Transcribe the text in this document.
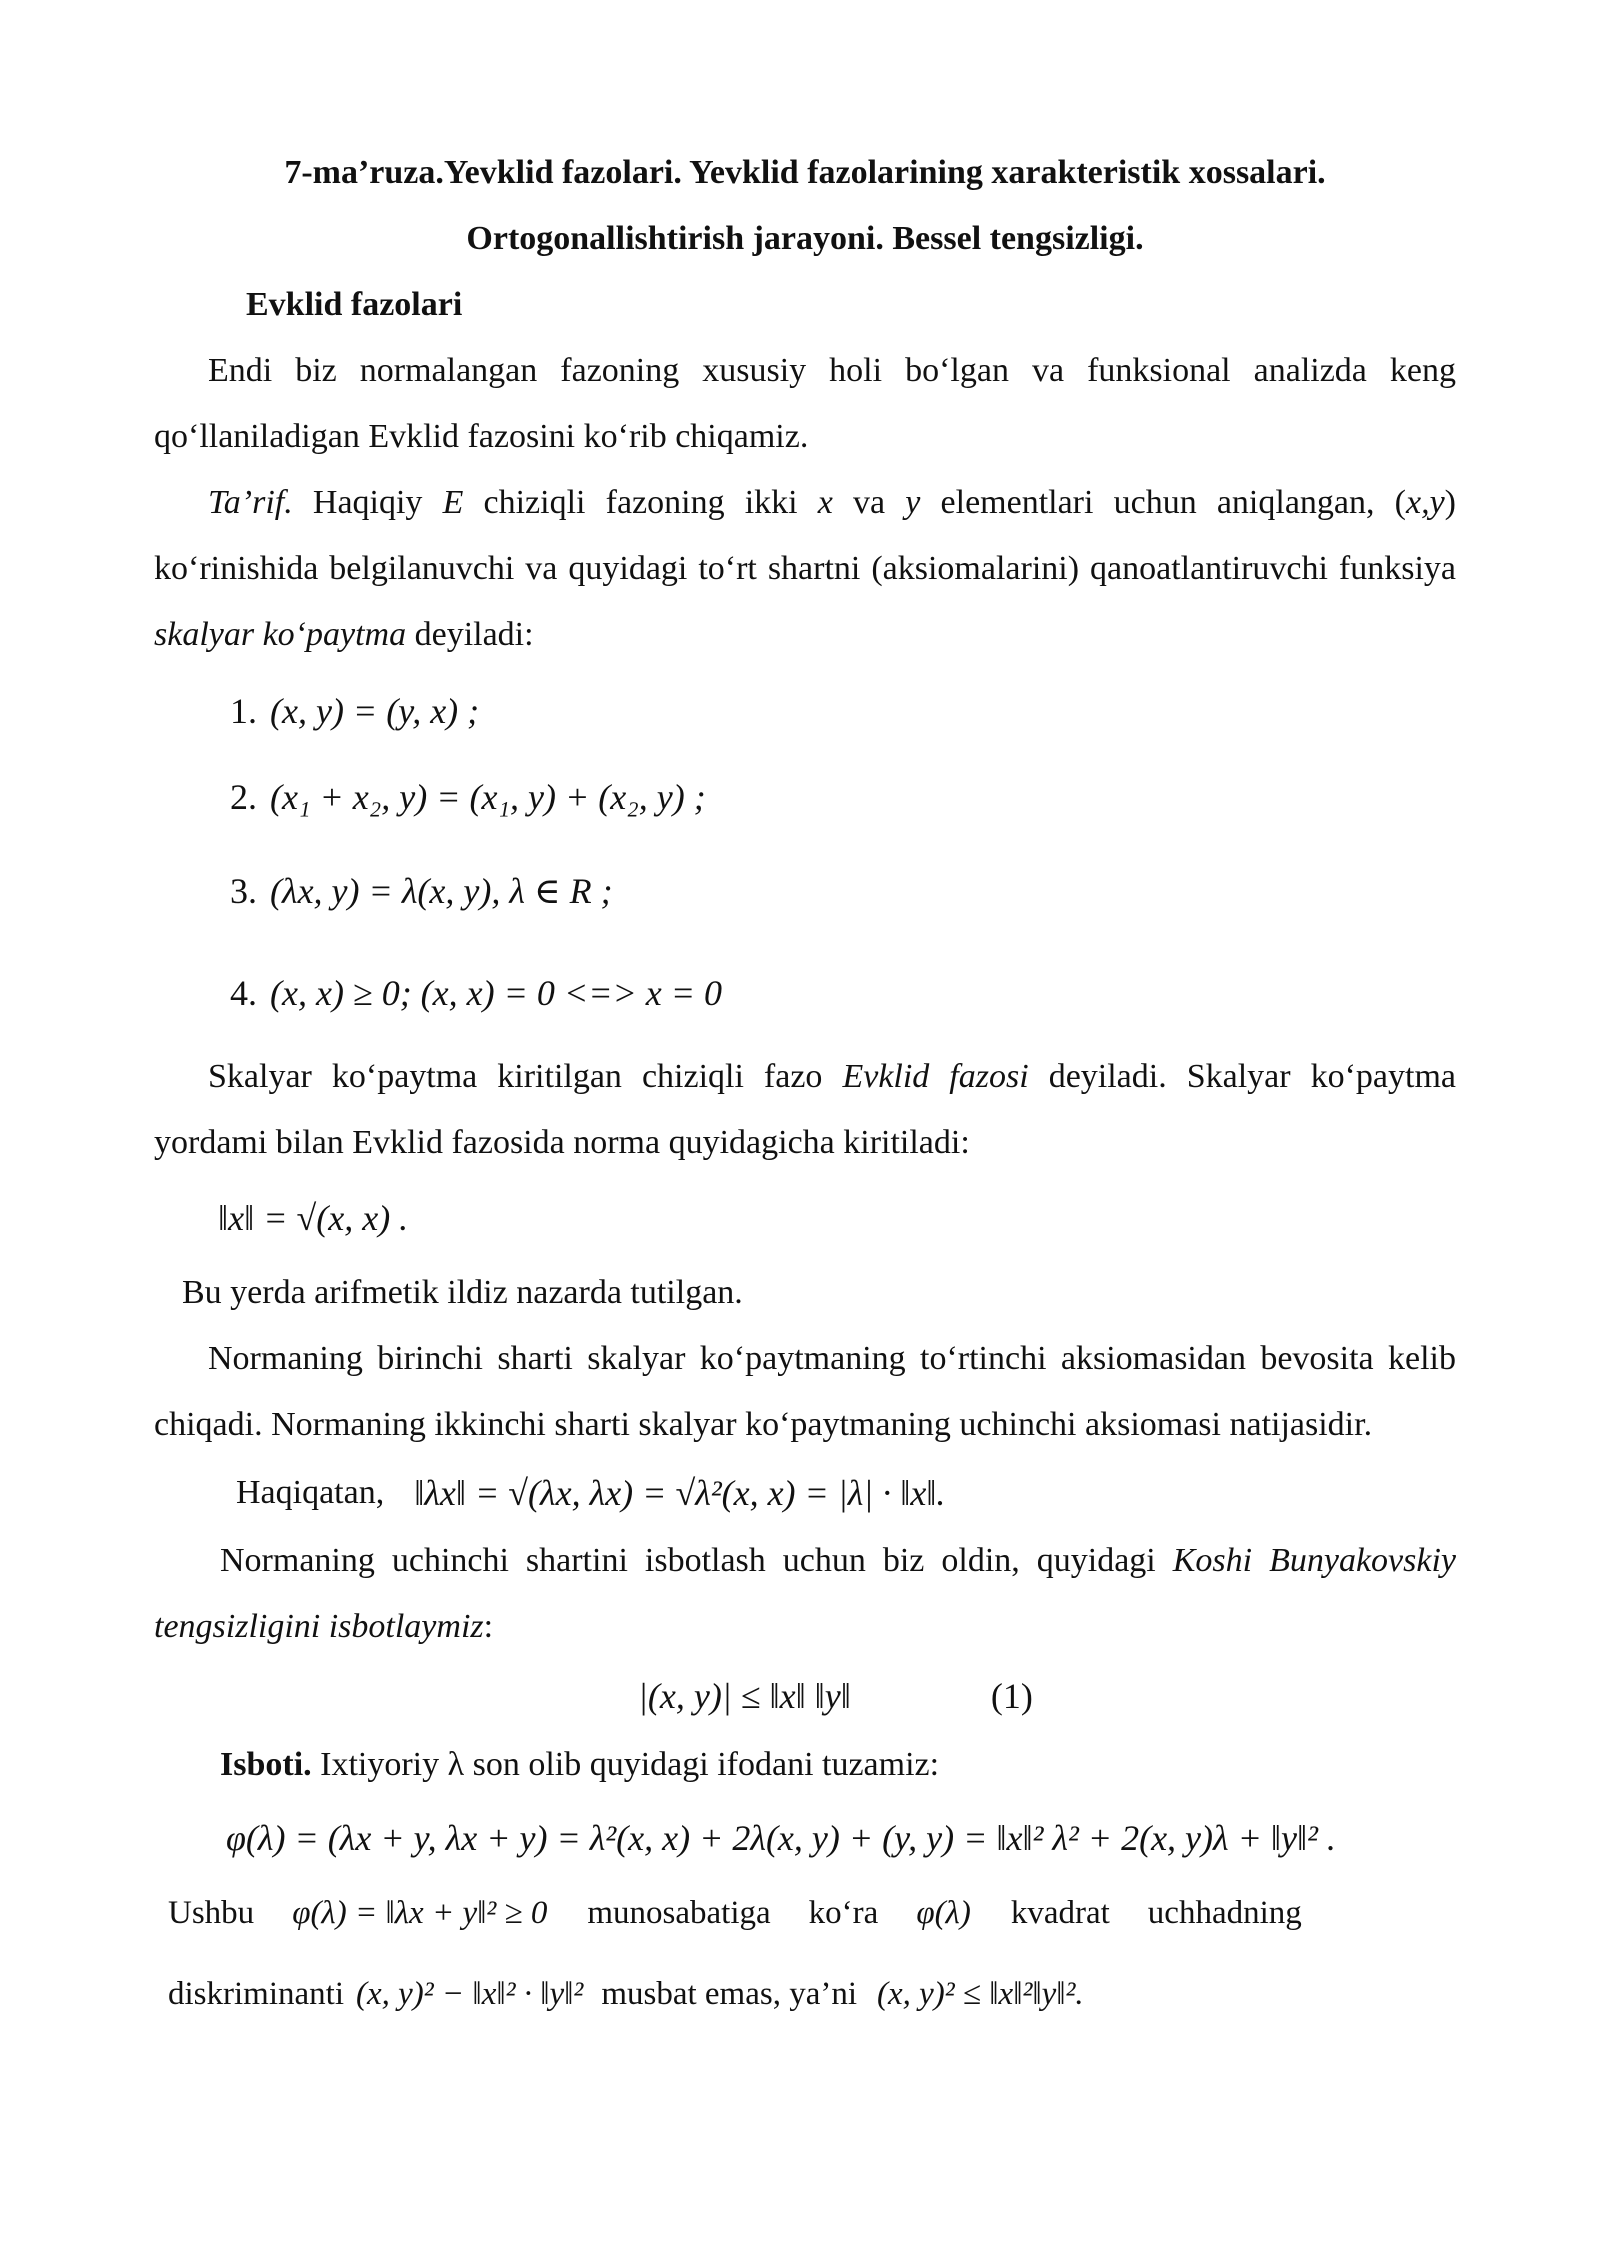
7-ma’ruza.Yevklid fazolari. Yevklid fazolarining xarakteristik xossalari.
Ortogonallishtirish jarayoni. Bessel tengsizligi.
Evklid fazolari

Endi biz normalangan fazoning xususiy holi bo‘lgan va funksional analizda keng qo‘llaniladigan Evklid fazosini ko‘rib chiqamiz.

Ta’rif. Haqiqiy E chiziqli fazoning ikki x va y elementlari uchun aniqlangan, (x,y) ko‘rinishida belgilanuvchi va quyidagi to‘rt shartni (aksiomalarini) qanoatlantiruvchi funksiya skalyar ko‘paytma deyiladi:

1. (x, y) = (y, x) ;
2. (x₁ + x₂, y) = (x₁, y) + (x₂, y) ;
3. (λx, y) = λ(x, y), λ ∈ R ;
4. (x, x) ≥ 0; (x, x) = 0 <=> x = 0

Skalyar ko‘paytma kiritilgan chiziqli fazo Evklid fazosi deyiladi. Skalyar ko‘paytma yordami bilan Evklid fazosida norma quyidagicha kiritiladi:

‖x‖ = √(x, x) .

Bu yerda arifmetik ildiz nazarda tutilgan.

Normaning birinchi sharti skalyar ko‘paytmaning to‘rtinchi aksiomasidan bevosita kelib chiqadi. Normaning ikkinchi sharti skalyar ko‘paytmaning uchinchi aksiomasi natijasidir.

Haqiqatan, ‖λx‖ = √(λx, λx) = √λ²(x, x) = |λ| · ‖x‖.

Normaning uchinchi shartini isbotlash uchun biz oldin, quyidagi Koshi Bunyakovskiy tengsizligini isbotlaymiz:

|(x, y)| ≤ ‖x‖ ‖y‖	(1)

Isboti. Ixtiyoriy λ son olib quyidagi ifodani tuzamiz:

φ(λ) = (λx + y, λx + y) = λ²(x, x) + 2λ(x, y) + (y, y) = ‖x‖² λ² + 2(x, y)λ + ‖y‖² .
Ushbu φ(λ) = ‖λx + y‖² ≥ 0 munosabatiga ko‘ra φ(λ) kvadrat uchhadning
diskriminanti (x, y)² − ‖x‖² · ‖y‖² musbat emas, ya’ni (x, y)² ≤ ‖x‖²‖y‖².
